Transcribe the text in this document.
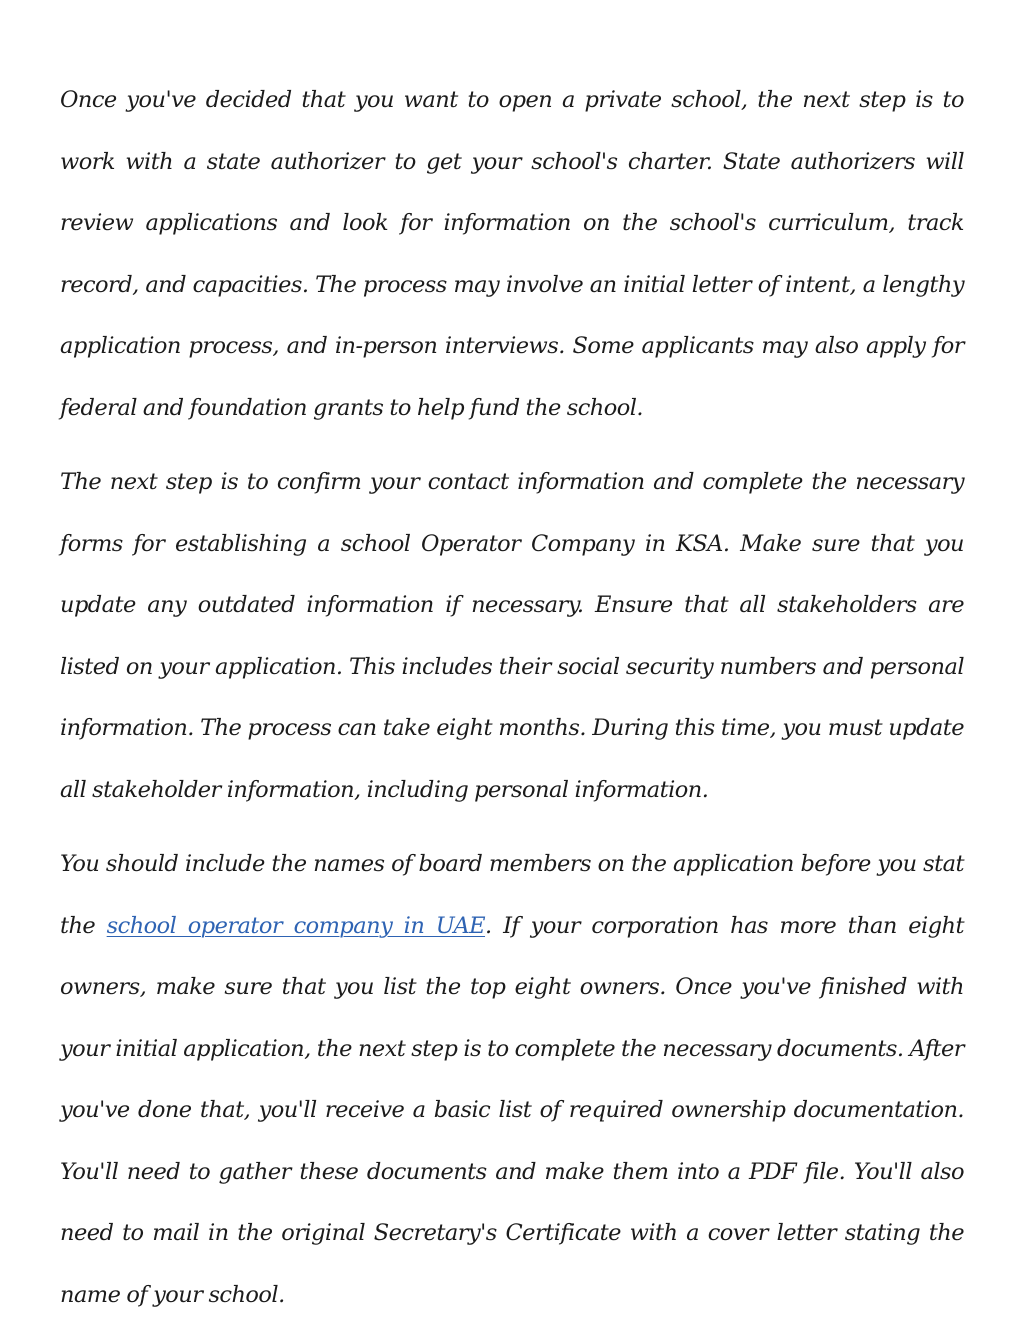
Once you've decided that you want to open a private school, the next step is to work with a state authorizer to get your school's charter. State authorizers will review applications and look for information on the school's curriculum, track record, and capacities. The process may involve an initial letter of intent, a lengthy application process, and in-person interviews. Some applicants may also apply for federal and foundation grants to help fund the school.

The next step is to confirm your contact information and complete the necessary forms for establishing a school Operator Company in KSA. Make sure that you update any outdated information if necessary. Ensure that all stakeholders are listed on your application. This includes their social security numbers and personal information. The process can take eight months. During this time, you must update all stakeholder information, including personal information.

You should include the names of board members on the application before you stat the school operator company in UAE. If your corporation has more than eight owners, make sure that you list the top eight owners. Once you've finished with your initial application, the next step is to complete the necessary documents. After you've done that, you'll receive a basic list of required ownership documentation. You'll need to gather these documents and make them into a PDF file. You'll also need to mail in the original Secretary's Certificate with a cover letter stating the name of your school.
